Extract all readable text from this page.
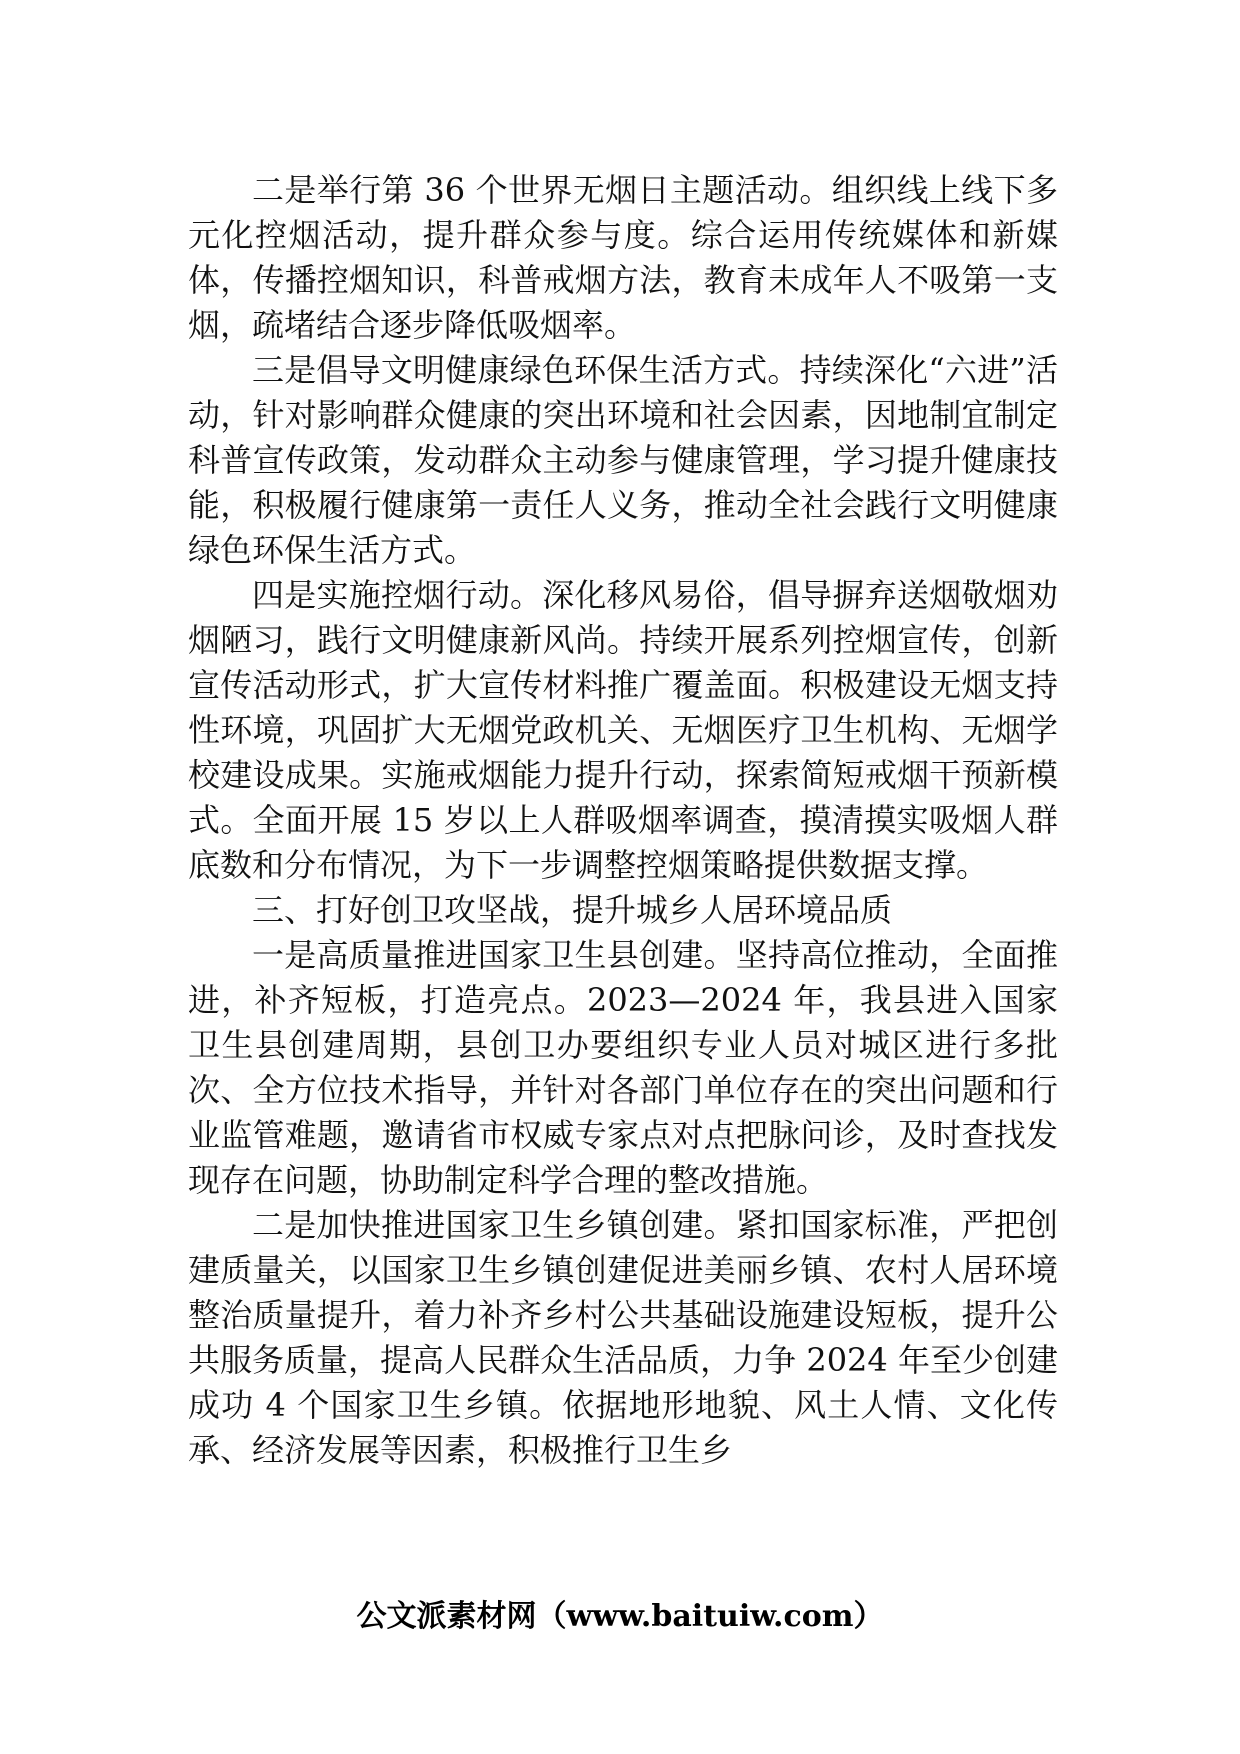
二是举行第 36 个世界无烟日主题活动。组织线上线下多元化控烟活动，提升群众参与度。综合运用传统媒体和新媒体，传播控烟知识，科普戒烟方法，教育未成年人不吸第一支烟，疏堵结合逐步降低吸烟率。

三是倡导文明健康绿色环保生活方式。持续深化“六进”活动，针对影响群众健康的突出环境和社会因素，因地制宜制定科普宣传政策，发动群众主动参与健康管理，学习提升健康技能，积极履行健康第一责任人义务，推动全社会践行文明健康绿色环保生活方式。

四是实施控烟行动。深化移风易俗，倡导摒弃送烟敬烟劝烟陋习，践行文明健康新风尚。持续开展系列控烟宣传，创新宣传活动形式，扩大宣传材料推广覆盖面。积极建设无烟支持性环境，巩固扩大无烟党政机关、无烟医疗卫生机构、无烟学校建设成果。实施戒烟能力提升行动，探索简短戒烟干预新模式。全面开展 15 岁以上人群吸烟率调查，摸清摸实吸烟人群底数和分布情况，为下一步调整控烟策略提供数据支撑。

三、打好创卫攻坚战，提升城乡人居环境品质

一是高质量推进国家卫生县创建。坚持高位推动，全面推进，补齐短板，打造亮点。2023—2024 年，我县进入国家卫生县创建周期，县创卫办要组织专业人员对城区进行多批次、全方位技术指导，并针对各部门单位存在的突出问题和行业监管难题，邀请省市权威专家点对点把脉问诊，及时查找发现存在问题，协助制定科学合理的整改措施。

二是加快推进国家卫生乡镇创建。紧扣国家标准，严把创建质量关，以国家卫生乡镇创建促进美丽乡镇、农村人居环境整治质量提升，着力补齐乡村公共基础设施建设短板，提升公共服务质量，提高人民群众生活品质，力争 2024 年至少创建成功 4 个国家卫生乡镇。依据地形地貌、风土人情、文化传承、经济发展等因素，积极推行卫生乡

公文派素材网（www.baituiw.com）
